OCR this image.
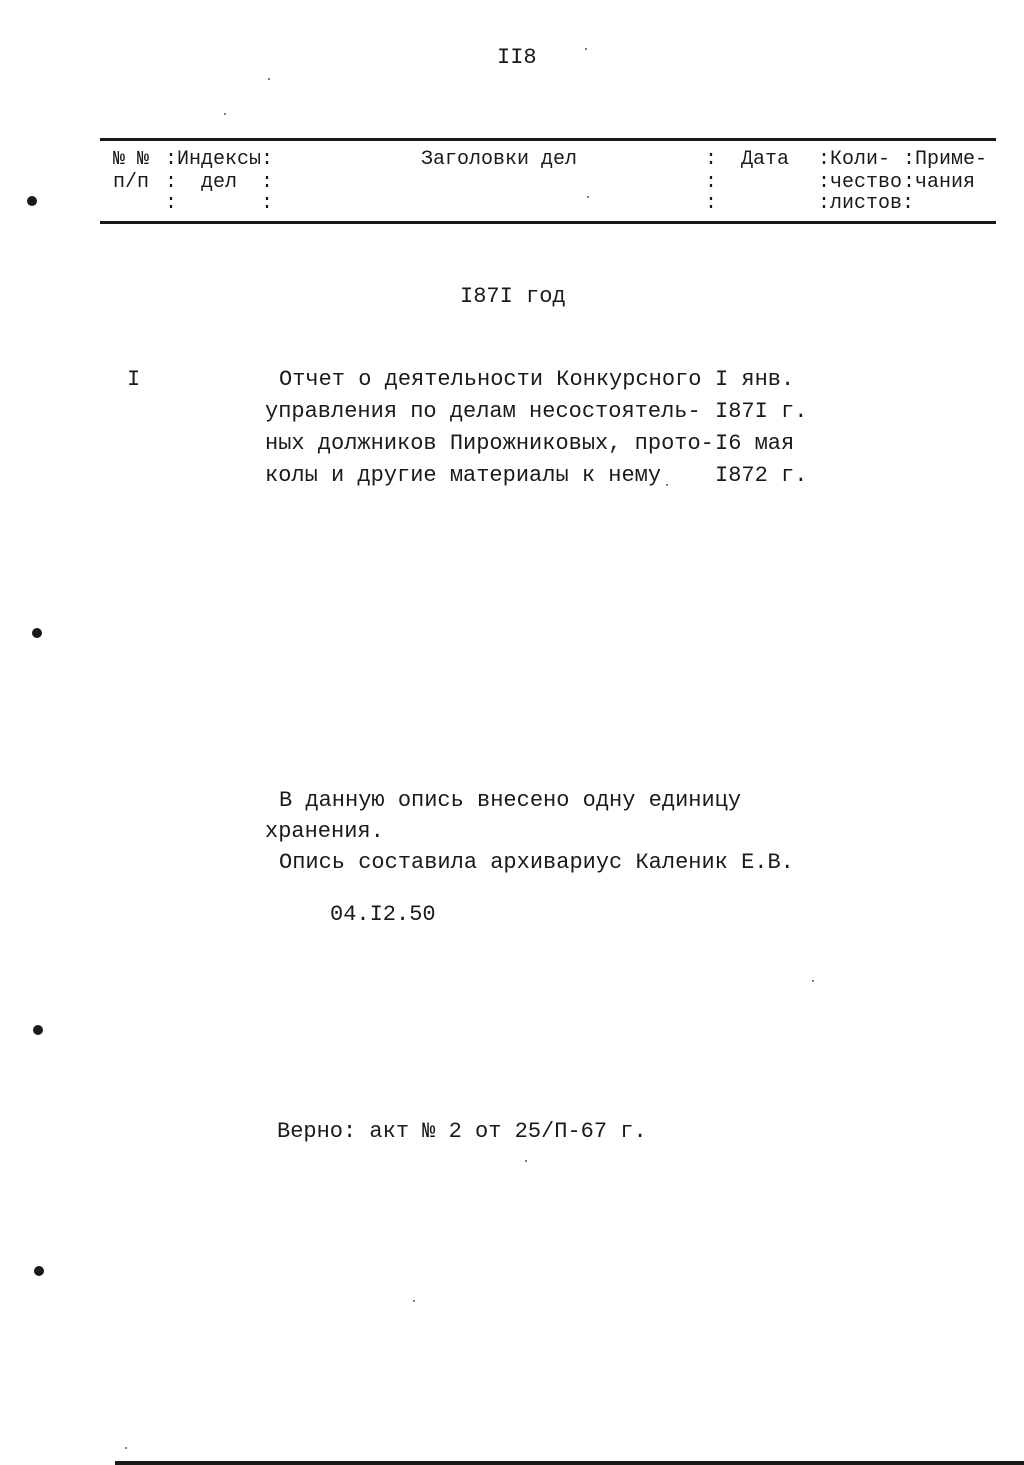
II8
№ №
п/п
:Индексы:
:  дел  :
:       :
Заголовки дел	:  Дата
:
:
:Коли-
:чество
:листов:
:Приме-
:чания
I87I год
I	Отчет о деятельности Конкурсного
управления по делам несостоятель-
ных должников Пирожниковых, прото-
колы и другие материалы к нему
I янв.
I87I г.
I6 мая
I872 г.
В данную опись внесено одну единицу
хранения.
Опись составила архивариус Каленик Е.В.
04.I2.50
Верно: акт № 2 от 25/П-67 г.
